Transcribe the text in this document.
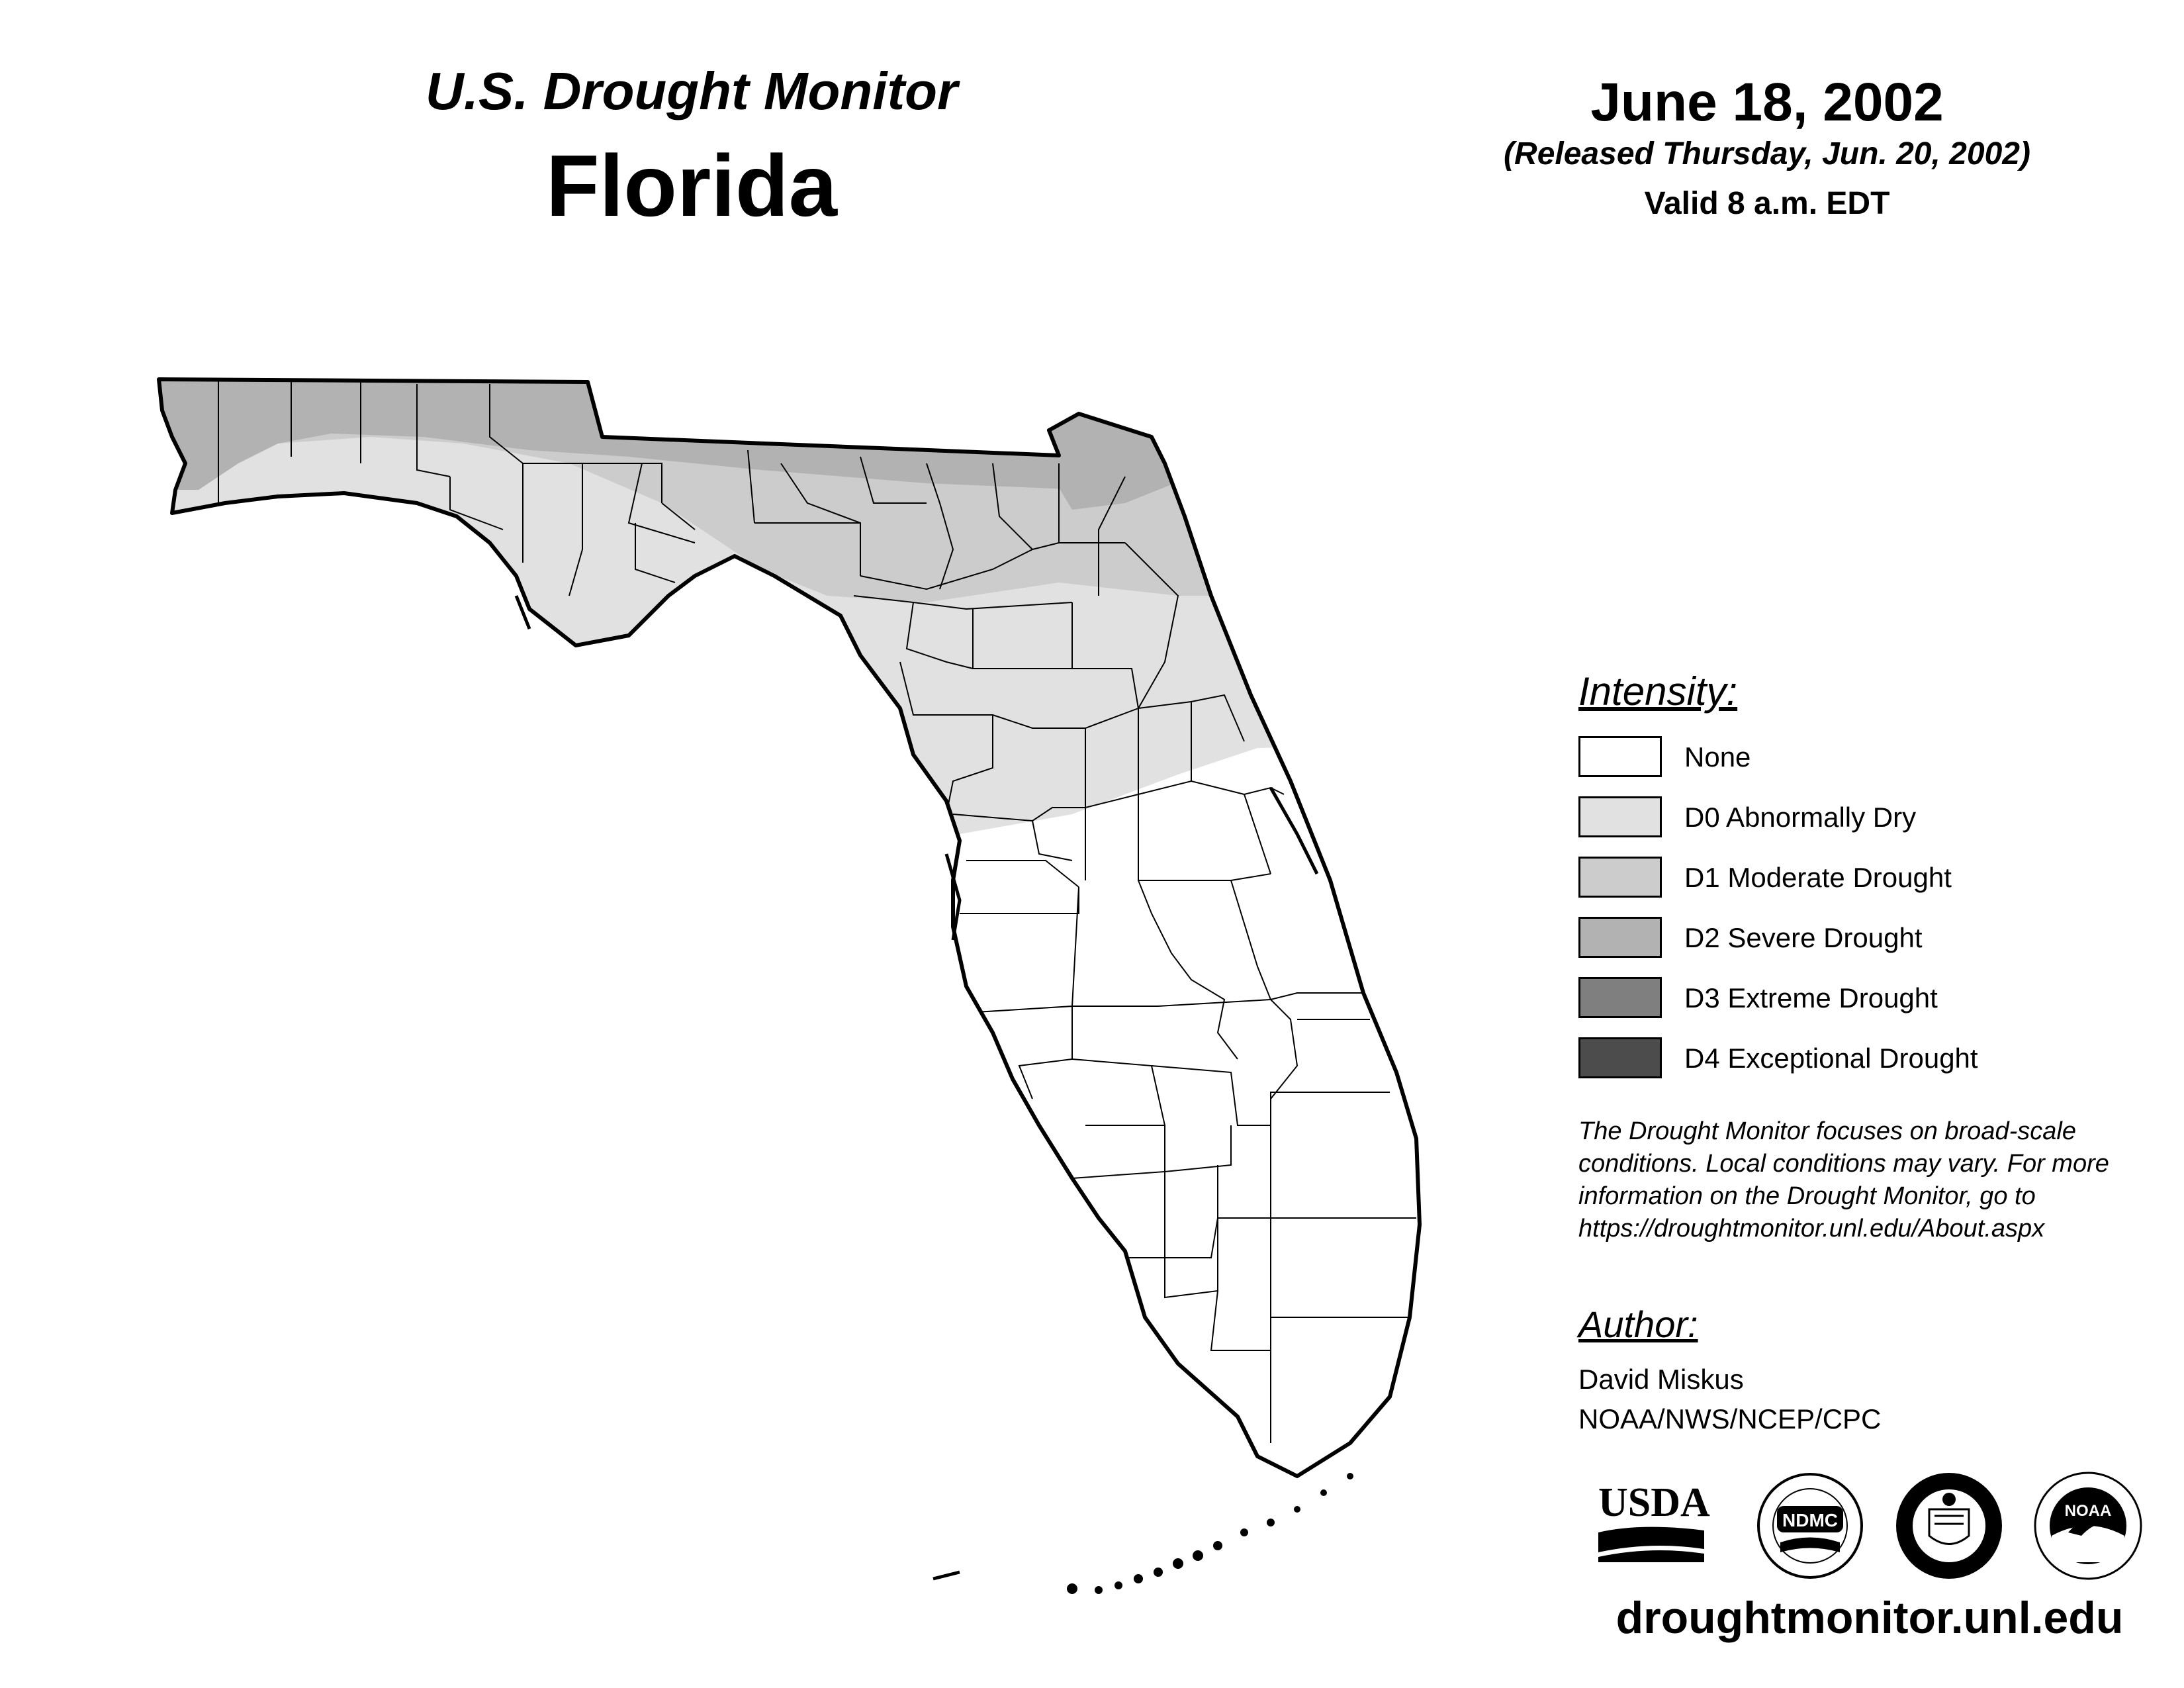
U.S. Drought Monitor
Florida
June 18, 2002
(Released Thursday, Jun. 20, 2002)
Valid 8 a.m. EDT
Intensity:
None
D0 Abnormally Dry
D1 Moderate Drought
D2 Severe Drought
D3 Extreme Drought
D4 Exceptional Drought
The Drought Monitor focuses on broad-scale
conditions. Local conditions may vary. For more
information on the Drought Monitor, go to
https://droughtmonitor.unl.edu/About.aspx
Author:
David Miskus
NOAA/NWS/NCEP/CPC
USDA	NDMC	NOAA
droughtmonitor.unl.edu
